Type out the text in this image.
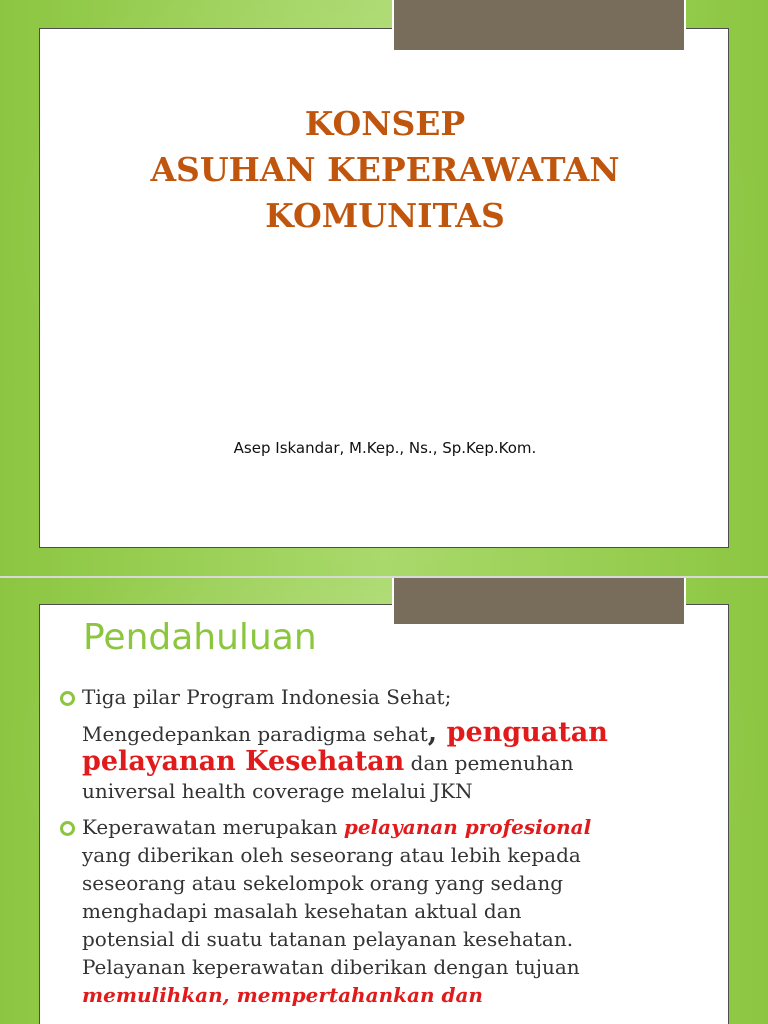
KONSEP
ASUHAN KEPERAWATAN
KOMUNITAS
Asep Iskandar, M.Kep., Ns., Sp.Kep.Kom.
Pendahuluan
Tiga pilar Program Indonesia Sehat;
Mengedepankan paradigma sehat, penguatan
pelayanan Kesehatan dan pemenuhan
universal health coverage melalui JKN
Keperawatan merupakan pelayanan profesional
yang diberikan oleh seseorang atau lebih kepada
seseorang atau sekelompok orang yang sedang
menghadapi masalah kesehatan aktual dan
potensial di suatu tatanan pelayanan kesehatan.
Pelayanan keperawatan diberikan dengan tujuan
memulihkan, mempertahankan dan
